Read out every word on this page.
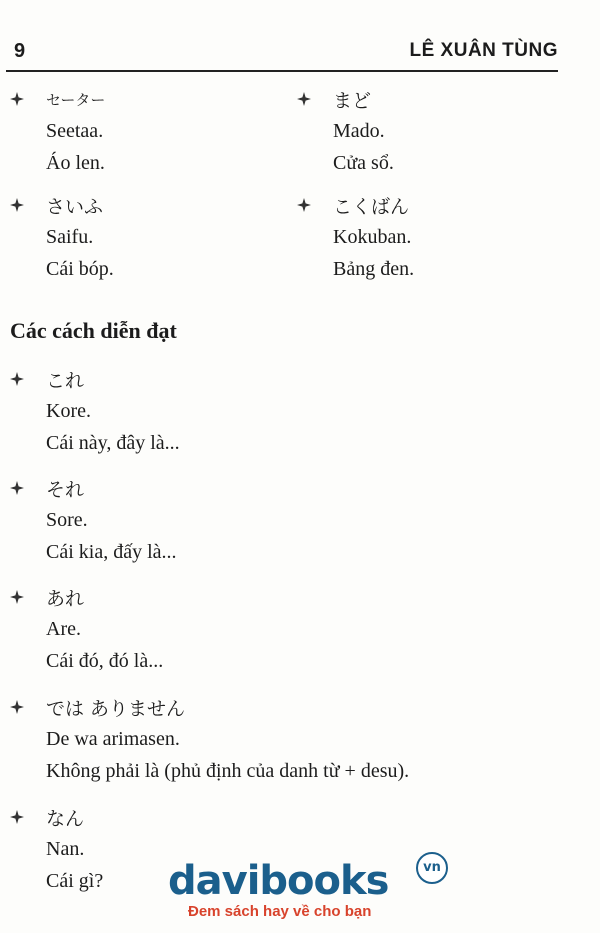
9	LÊ XUÂN TÙNG
セーター
Seetaa.
Áo len.
さいふ
Saifu.
Cái bóp.
まど
Mado.
Cửa sổ.
こくばん
Kokuban.
Bảng đen.
Các cách diễn đạt
これ
Kore.
Cái này, đây là...
それ
Sore.
Cái kia, đấy là...
あれ
Are.
Cái đó, đó là...
では ありません
De wa arimasen.
Không phải là (phủ định của danh từ + desu).
なん
Nan.
Cái gì? davibooks	vn
Đem sách hay về cho bạn
